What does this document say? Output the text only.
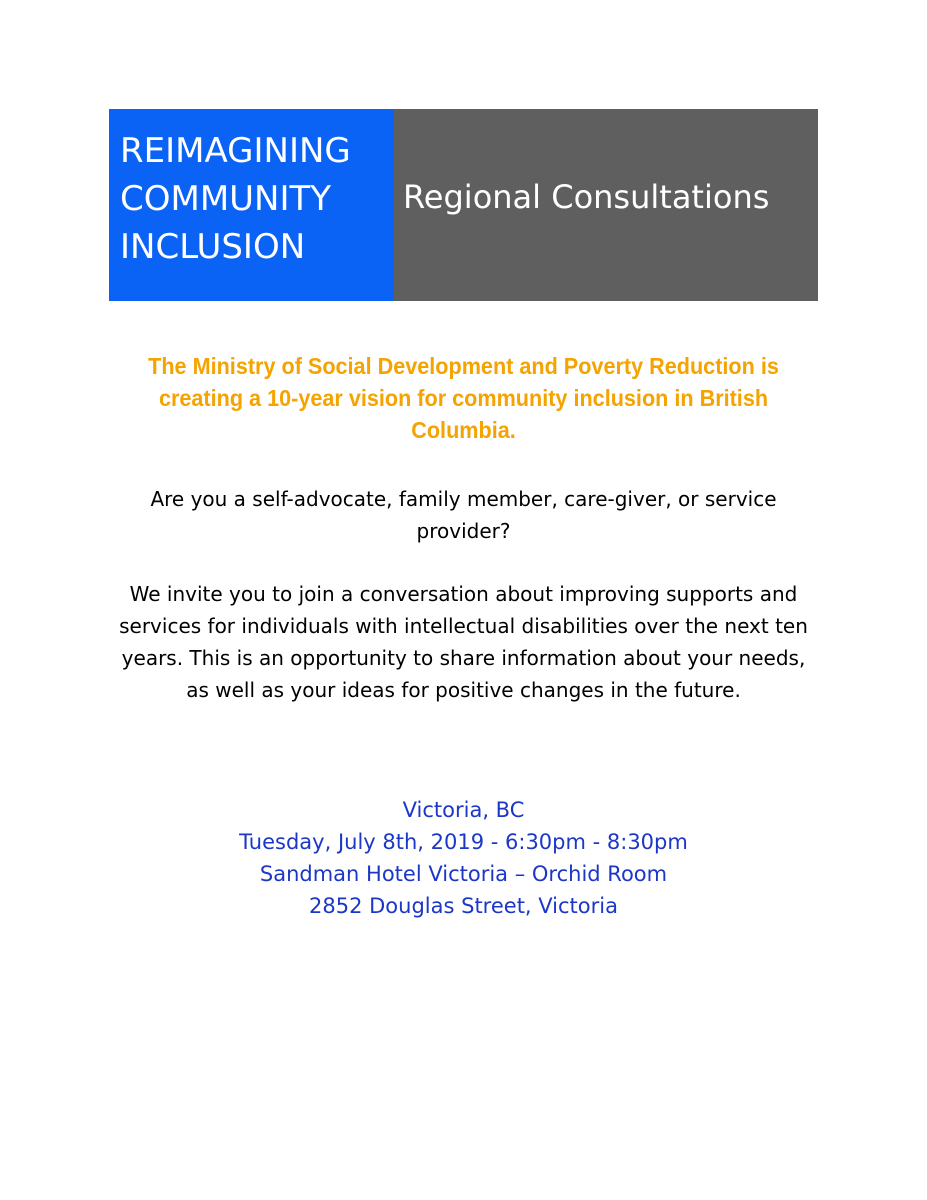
REIMAGINING
COMMUNITY
INCLUSION
Regional Consultations
The Ministry of Social Development and Poverty Reduction is creating a 10-year vision for community inclusion in British Columbia.
Are you a self-advocate, family member, care-giver, or service provider?
We invite you to join a conversation about improving supports and services for individuals with intellectual disabilities over the next ten years. This is an opportunity to share information about your needs, as well as your ideas for positive changes in the future.
Victoria, BC
Tuesday, July 8th, 2019 - 6:30pm - 8:30pm
Sandman Hotel Victoria – Orchid Room
2852 Douglas Street, Victoria
